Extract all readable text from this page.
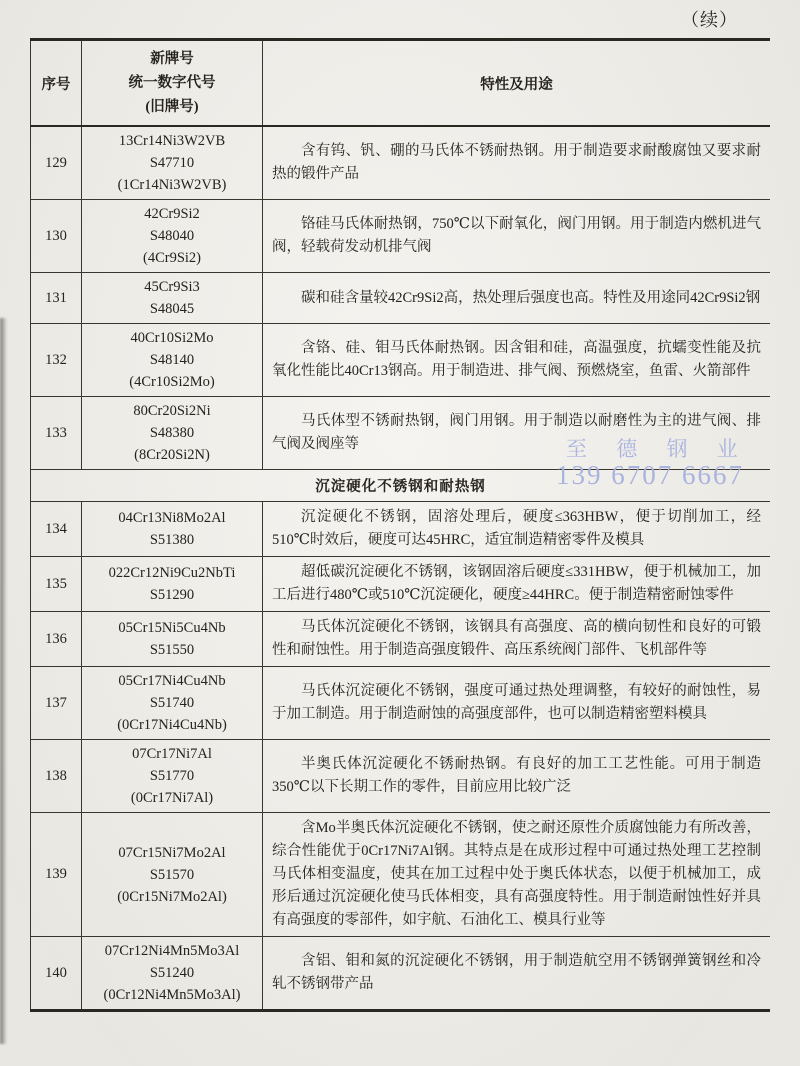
（续）
序号	新牌号
统一数字代号
(旧牌号)	特性及用途
129	13Cr14Ni3W2VB
S47710
(1Cr14Ni3W2VB)	含有钨、钒、硼的马氏体不锈耐热钢。用于制造要求耐酸腐蚀又要求耐热的锻件产品

130	42Cr9Si2
S48040
(4Cr9Si2)	铬硅马氏体耐热钢，750℃以下耐氧化，阀门用钢。用于制造内燃机进气阀，轻载荷发动机排气阀

131	45Cr9Si3
S48045	碳和硅含量较42Cr9Si2高，热处理后强度也高。特性及用途同42Cr9Si2钢

132	40Cr10Si2Mo
S48140
(4Cr10Si2Mo)	含铬、硅、钼马氏体耐热钢。因含钼和硅，高温强度，抗蠕变性能及抗氧化性能比40Cr13钢高。用于制造进、排气阀、预燃烧室，鱼雷、火箭部件

133	80Cr20Si2Ni
S48380
(8Cr20Si2N)	马氏体型不锈耐热钢，阀门用钢。用于制造以耐磨性为主的进气阀、排气阀及阀座等

沉淀硬化不锈钢和耐热钢		
134	04Cr13Ni8Mo2Al
S51380	沉淀硬化不锈钢，固溶处理后，硬度≤363HBW，便于切削加工，经510℃时效后，硬度可达45HRC，适宜制造精密零件及模具

135	022Cr12Ni9Cu2NbTi
S51290	超低碳沉淀硬化不锈钢，该钢固溶后硬度≤331HBW，便于机械加工，加工后进行480℃或510℃沉淀硬化，硬度≥44HRC。便于制造精密耐蚀零件

136	05Cr15Ni5Cu4Nb
S51550	马氏体沉淀硬化不锈钢，该钢具有高强度、高的横向韧性和良好的可锻性和耐蚀性。用于制造高强度锻件、高压系统阀门部件、飞机部件等

137	05Cr17Ni4Cu4Nb
S51740
(0Cr17Ni4Cu4Nb)	马氏体沉淀硬化不锈钢，强度可通过热处理调整，有较好的耐蚀性，易于加工制造。用于制造耐蚀的高强度部件，也可以制造精密塑料模具

138	07Cr17Ni7Al
S51770
(0Cr17Ni7Al)	半奥氏体沉淀硬化不锈耐热钢。有良好的加工工艺性能。可用于制造350℃以下长期工作的零件，目前应用比较广泛

139	07Cr15Ni7Mo2Al
S51570
(0Cr15Ni7Mo2Al)	含Mo半奥氏体沉淀硬化不锈钢，使之耐还原性介质腐蚀能力有所改善，综合性能优于0Cr17Ni7Al钢。其特点是在成形过程中可通过热处理工艺控制马氏体相变温度，使其在加工过程中处于奥氏体状态，以便于机械加工，成形后通过沉淀硬化使马氏体相变，具有高强度特性。用于制造耐蚀性好并具有高强度的零部件，如宇航、石油化工、模具行业等

140	07Cr12Ni4Mn5Mo3Al
S51240
(0Cr12Ni4Mn5Mo3Al)	含铝、钼和氮的沉淀硬化不锈钢，用于制造航空用不锈钢弹簧钢丝和冷轧不锈钢带产品

至 德 钢 业
139 6707 6667
